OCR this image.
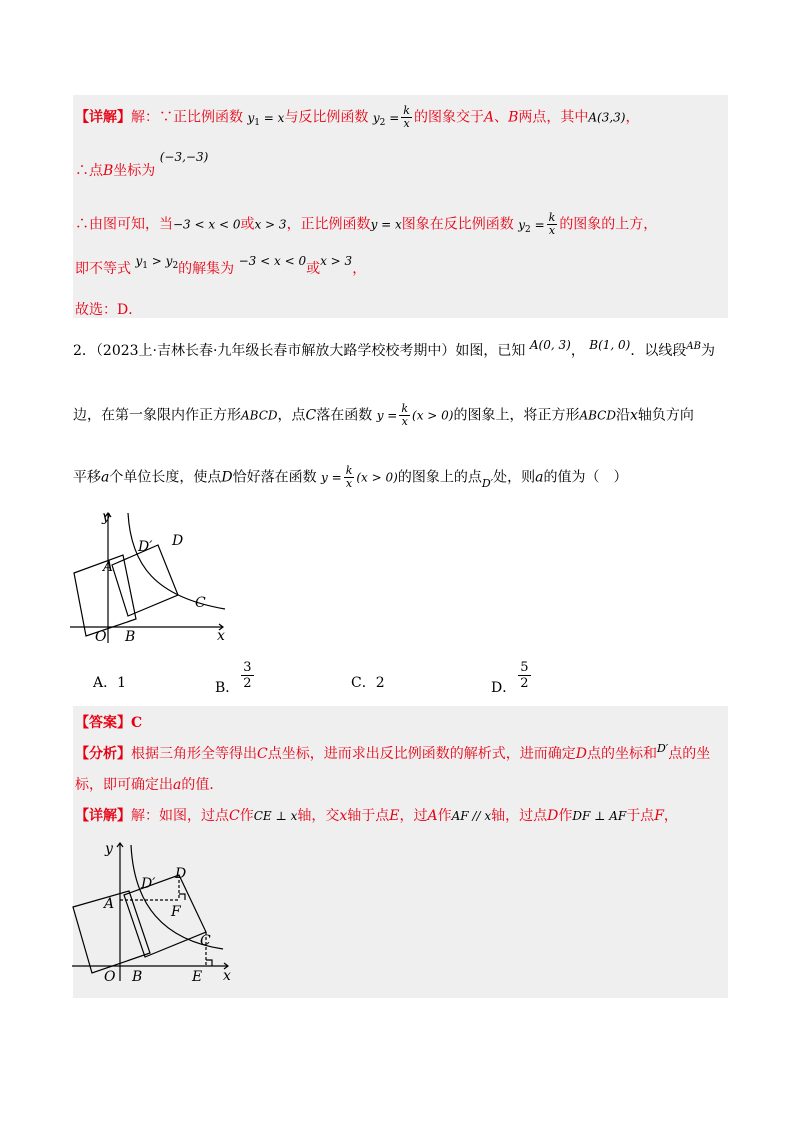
【详解】解：∵正比例函数 $y_1 = x$与反比例函数 $y_2 = \frac{k}{x}$ 的图象交于A、B两点，其中A(3,3)，
∴点B坐标为 (−3,−3)
∴由图可知，当−3 < x < 0或x > 3，正比例函数y = x图象在反比例函数 $y_2 = \frac{k}{x}$ 的图象的上方，
即不等式 $y_1 > y_2$的解集为 −3 < x < 0或x > 3，
故选：D．
2．（2023上·吉林长春·九年级长春市解放大路学校校考期中）如图，已知 A(0, 3)， B(1, 0)．以线段$^{AB}$为
边，在第一象限内作正方形ABCD，点C落在函数 $y = \frac{k}{x} (x > 0)$的图象上，将正方形ABCD沿x轴负方向
平移a个单位长度，使点D恰好落在函数 $y = \frac{k}{x} (x > 0)$的图象上的点$_{D'}$处，则a的值为（　）
y
x
O B
A
C
D
D′
A．1	B． $\frac{3}{2}$	C．2	D． $\frac{5}{2}$
【答案】C
【分析】根据三角形全等得出C点坐标，进而求出反比例函数的解析式，进而确定D点的坐标和$^{D'}$点的坐
标，即可确定出a的值．
【详解】解：如图，过点C作CE ⊥ x轴，交x轴于点E，过A作AF // x轴，过点D作DF ⊥ AF于点F，
y
x
O B
A
C
D
D′
F
E
